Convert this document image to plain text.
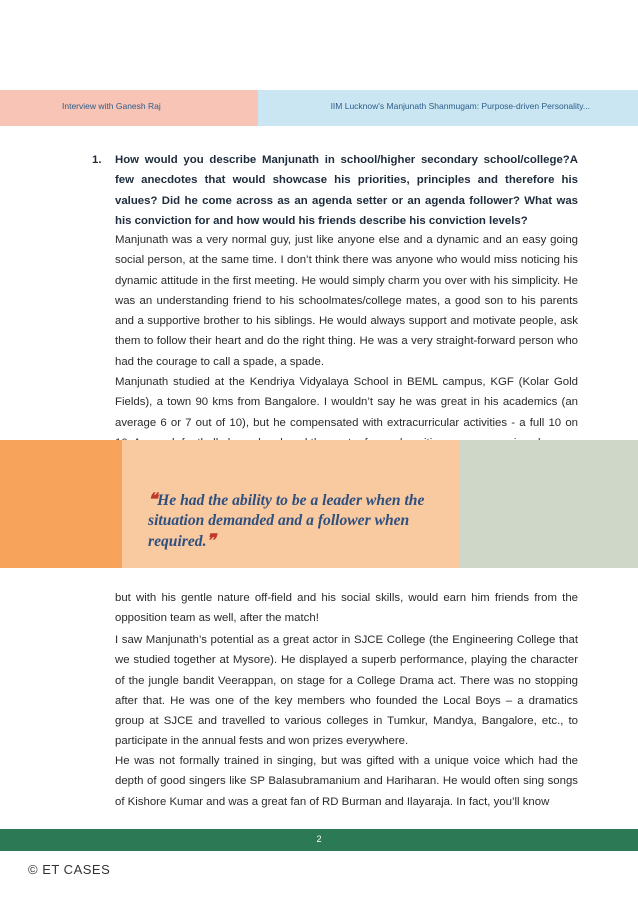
Interview with Ganesh Raj	IIM Lucknow's Manjunath Shanmugam: Purpose-driven Personality...
1. How would you describe Manjunath in school/higher secondary school/college?A few anecdotes that would showcase his priorities, principles and therefore his values? Did he come across as an agenda setter or an agenda follower? What was his conviction for and how would his friends describe his conviction levels?

Manjunath was a very normal guy, just like anyone else and a dynamic and an easy going social person, at the same time. I don’t think there was anyone who would miss noticing his dynamic attitude in the first meeting. He would simply charm you over with his simplicity. He was an understanding friend to his schoolmates/college mates, a good son to his parents and a supportive brother to his siblings. He would always support and motivate people, ask them to follow their heart and do the right thing. He was a very straight-forward person who had the courage to call a spade, a spade.

Manjunath studied at the Kendriya Vidyalaya School in BEML campus, KGF (Kolar Gold Fields), a town 90 kms from Bangalore. I wouldn’t say he was great in his academics (an average 6 or 7 out of 10), but he compensated with extracurricular activities - a full 10 on

❝He had the ability to be a leader when the situation demanded and a follower when required.❞

but with his gentle nature off-field and his social skills, would earn him friends from the opposition team as well, after the match!

I saw Manjunath’s potential as a great actor in SJCE College (the Engineering College that we studied together at Mysore). He displayed a superb performance, playing the character of the jungle bandit Veerappan, on stage for a College Drama act. There was no stopping after that. He was one of the key members who founded the Local Boys – a dramatics group at SJCE and travelled to various colleges in Tumkur, Mandya, Bangalore, etc., to participate in the annual fests and won prizes everywhere.

He was not formally trained in singing, but was gifted with a unique voice which had the depth of good singers like SP Balasubramanium and Hariharan. He would often sing songs of Kishore Kumar and was a great fan of RD Burman and Ilayaraja. In fact, you’ll know

2
© ET CASES
